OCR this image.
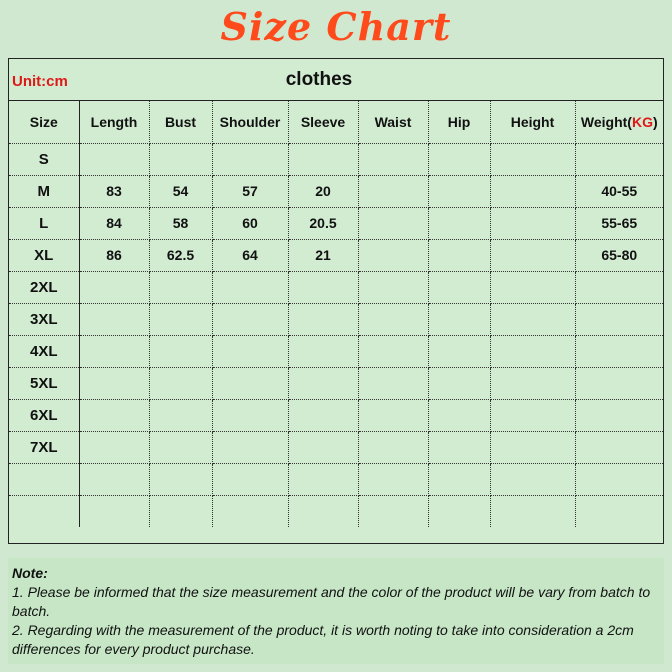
Size Chart
Unit:cm	clothes
Size	Length	Bust	Shoulder	Sleeve	Waist	Hip	Height	Weight(KG)
S								
M	83	54	57	20				40-55
L	84	58	60	20.5				55-65
XL	86	62.5	64	21				65-80
2XL								
3XL								
4XL								
5XL								
6XL								
7XL								

Note:
1. Please be informed that the size measurement and the color of the product will be vary from batch to batch.
2. Regarding with the measurement of the product, it is worth noting to take into consideration a 2cm differences for every product purchase.
